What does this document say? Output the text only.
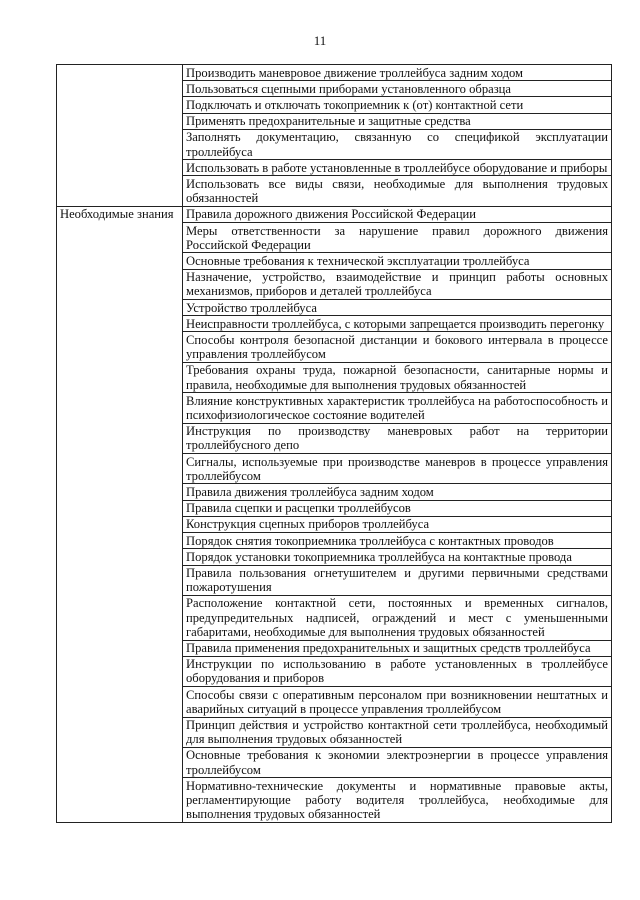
11
	Производить маневровое движение троллейбуса задним ходом
	Пользоваться сцепными приборами установленного образца
	Подключать и отключать токоприемник к (от) контактной сети
	Применять предохранительные и защитные средства
	Заполнять документацию, связанную со спецификой эксплуатации троллейбуса
	Использовать в работе установленные в троллейбусе оборудование и приборы
	Использовать все виды связи, необходимые для выполнения трудовых обязанностей
Необходимые знания	Правила дорожного движения Российской Федерации
	Меры ответственности за нарушение правил дорожного движения Российской Федерации
	Основные требования к технической эксплуатации троллейбуса
	Назначение, устройство, взаимодействие и принцип работы основных механизмов, приборов и деталей троллейбуса
	Устройство троллейбуса
	Неисправности троллейбуса, с которыми запрещается производить перегонку
	Способы контроля безопасной дистанции и бокового интервала в процессе управления троллейбусом
	Требования охраны труда, пожарной безопасности, санитарные нормы и правила, необходимые для выполнения трудовых обязанностей
	Влияние конструктивных характеристик троллейбуса на работоспособность и психофизиологическое состояние водителей
	Инструкция по производству маневровых работ на территории троллейбусного депо
	Сигналы, используемые при производстве маневров в процессе управления троллейбусом
	Правила движения троллейбуса задним ходом
	Правила сцепки и расцепки троллейбусов
	Конструкция сцепных приборов троллейбуса
	Порядок снятия токоприемника троллейбуса с контактных проводов
	Порядок установки токоприемника троллейбуса на контактные провода
	Правила пользования огнетушителем и другими первичными средствами пожаротушения
	Расположение контактной сети, постоянных и временных сигналов, предупредительных надписей, ограждений и мест с уменьшенными габаритами, необходимые для выполнения трудовых обязанностей
	Правила применения предохранительных и защитных средств троллейбуса
	Инструкции по использованию в работе установленных в троллейбусе оборудования и приборов
	Способы связи с оперативным персоналом при возникновении нештатных и аварийных ситуаций в процессе управления троллейбусом
	Принцип действия и устройство контактной сети троллейбуса, необходимый для выполнения трудовых обязанностей
	Основные требования к экономии электроэнергии в процессе управления троллейбусом
	Нормативно-технические документы и нормативные правовые акты, регламентирующие работу водителя троллейбуса, необходимые для выполнения трудовых обязанностей
